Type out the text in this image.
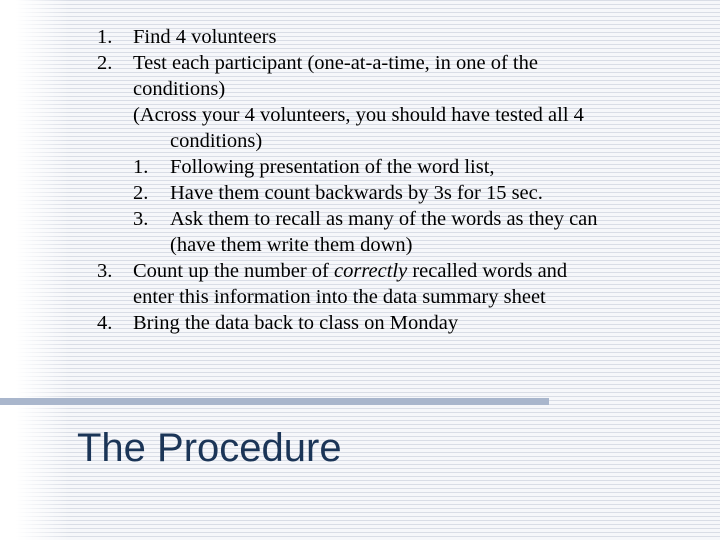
1. Find 4 volunteers
2. Test each participant (one-at-a-time, in one of the
conditions)
(Across your 4 volunteers, you should have tested all 4
conditions)
1. Following presentation of the word list,
2. Have them count backwards by 3s for 15 sec.
3. Ask them to recall as many of the words as they can
(have them write them down)
3. Count up the number of correctly recalled words and
enter this information into the data summary sheet
4. Bring the data back to class on Monday
The Procedure
